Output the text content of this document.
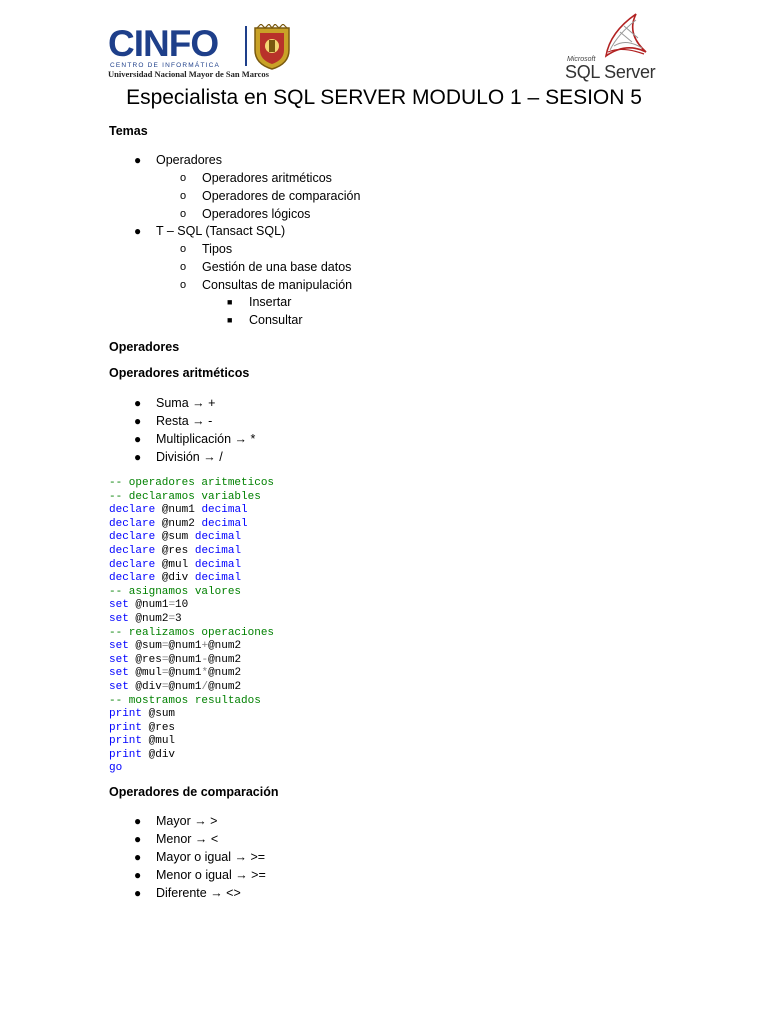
CINFO
CENTRO DE INFORMÁTICA
Universidad Nacional Mayor de San Marcos
Microsoft
SQL Server
Especialista en SQL SERVER MODULO 1 – SESION 5
Temas
● Operadores
o Operadores aritméticos
o Operadores de comparación
o Operadores lógicos
● T – SQL (Tansact SQL)
o Tipos
o Gestión de una base datos
o Consultas de manipulación
■ Insertar
■ Consultar
Operadores
Operadores aritméticos
● Suma → +
● Resta → -
● Multiplicación → *
● División → /
-- operadores aritmeticos
-- declaramos variables
declare @num1 decimal
declare @num2 decimal
declare @sum decimal
declare @res decimal
declare @mul decimal
declare @div decimal
-- asignamos valores
set @num1=10
set @num2=3
-- realizamos operaciones
set @sum=@num1+@num2
set @res=@num1-@num2
set @mul=@num1*@num2
set @div=@num1/@num2
-- mostramos resultados
print @sum
print @res
print @mul
print @div
go
Operadores de comparación
● Mayor → >
● Menor → <
● Mayor o igual → >=
● Menor o igual → >=
● Diferente → <>
